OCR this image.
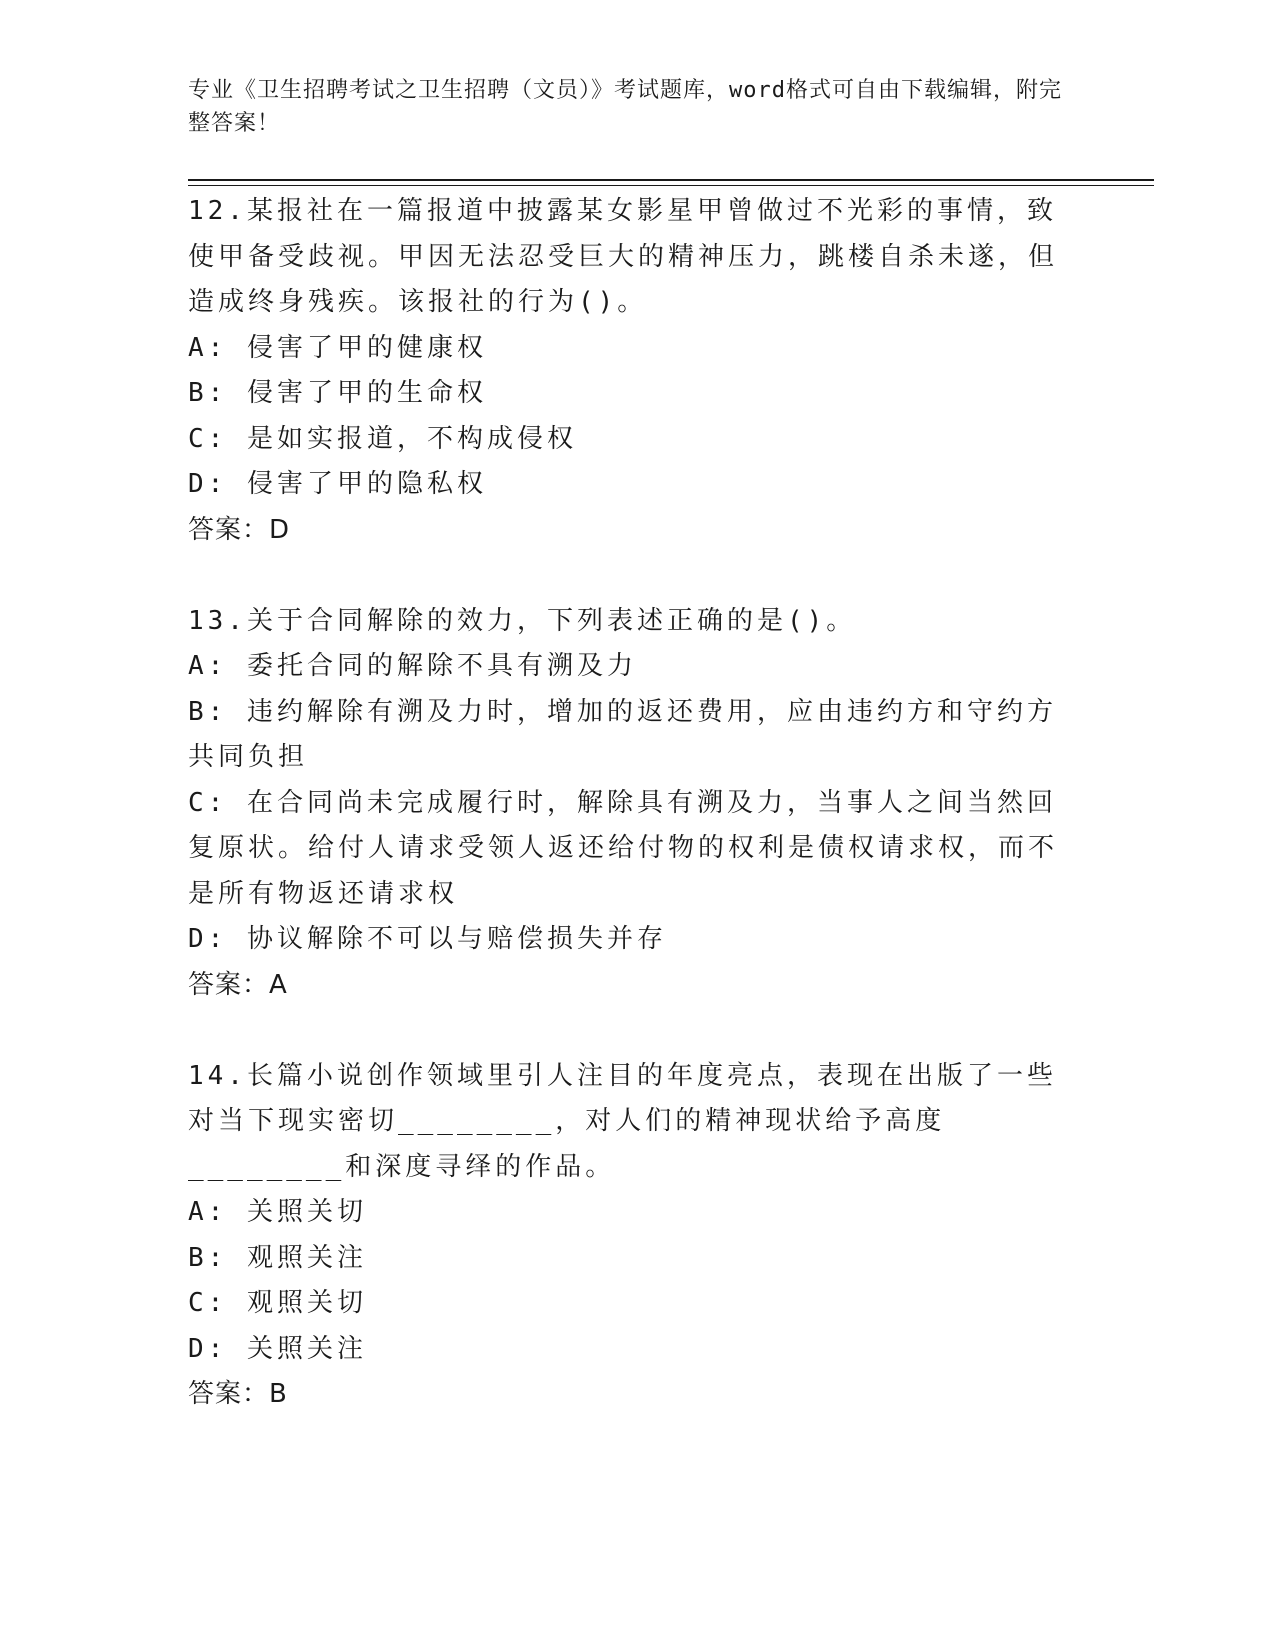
专业《卫生招聘考试之卫生招聘（文员）》考试题库，word格式可自由下载编辑，附完整答案！
12.某报社在一篇报道中披露某女影星甲曾做过不光彩的事情，致使甲备受歧视。甲因无法忍受巨大的精神压力，跳楼自杀未遂，但造成终身残疾。该报社的行为()。
A: 侵害了甲的健康权
B: 侵害了甲的生命权
C: 是如实报道，不构成侵权
D: 侵害了甲的隐私权
答案：D
13.关于合同解除的效力，下列表述正确的是()。
A: 委托合同的解除不具有溯及力
B: 违约解除有溯及力时，增加的返还费用，应由违约方和守约方共同负担
C: 在合同尚未完成履行时，解除具有溯及力，当事人之间当然回复原状。给付人请求受领人返还给付物的权利是债权请求权，而不是所有物返还请求权
D: 协议解除不可以与赔偿损失并存
答案：A
14.长篇小说创作领域里引人注目的年度亮点，表现在出版了一些对当下现实密切________，对人们的精神现状给予高度________和深度寻绎的作品。
A: 关照关切
B: 观照关注
C: 观照关切
D: 关照关注
答案：B
